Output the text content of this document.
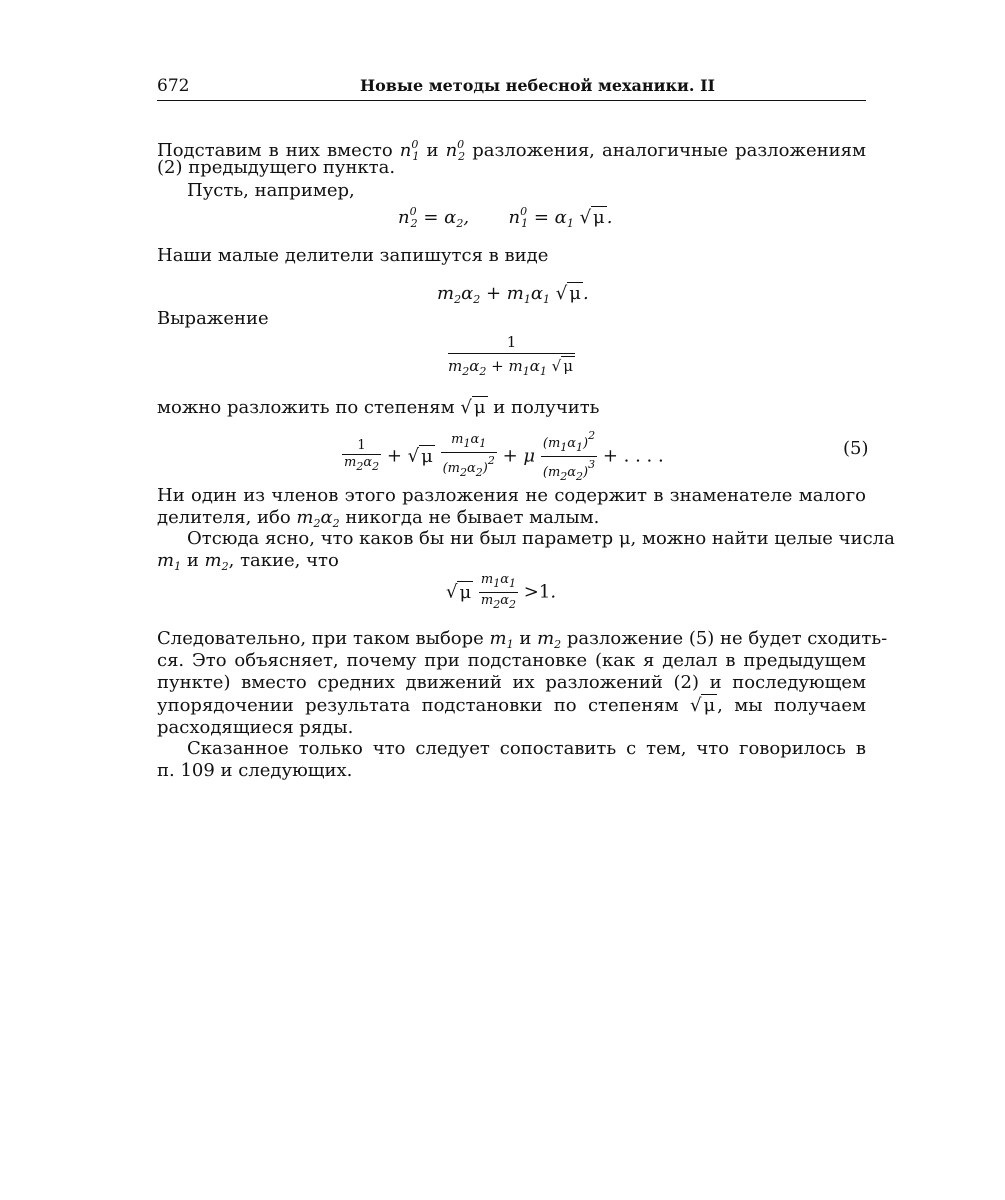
672	Новые методы небесной механики. II
Подставим в них вместо $n^0_1$ и $n^0_2$ разложения, аналогичные разложениям
(2) предыдущего пункта.
Пусть, например,
$n^0_2 = \alpha_2$, $n^0_1 = \alpha_1$ √ μ .
Наши малые делители запишутся в виде
$m_2\alpha_2 + m_1\alpha_1$ √ μ .
Выражение
$\frac{1}{m_2\alpha_2 + m_1\alpha_1 √ \mu}$
можно разложить по степеням √ μ и получить
$\frac{1}{m_2\alpha_2}$ + √ μ $\frac{m_1\alpha_1}{(m_2\alpha_2)^2} + \mu \frac{(m_1\alpha_1)^2}{(m_2\alpha_2)^3}$ + . . . .	(5)
Ни один из членов этого разложения не содержит в знаменателе малого
делителя, ибо $m_2\alpha_2$ никогда не бывает малым.
Отсюда ясно, что каков бы ни был параметр μ, можно найти целые числа
$m_1$ и $m_2$, такие, что
√ μ $\frac{m_1\alpha_1}{m_2\alpha_2} >1$.
Следовательно, при таком выборе $m_1$ и $m_2$ разложение (5) не будет сходить-
ся. Это объясняет, почему при подстановке (как я делал в предыдущем
пункте) вместо средних движений их разложений (2) и последующем
упорядочении результата подстановки по степеням √ μ , мы получаем
расходящиеся ряды.
Сказанное только что следует сопоставить с тем, что говорилось в
п. 109 и следующих.
